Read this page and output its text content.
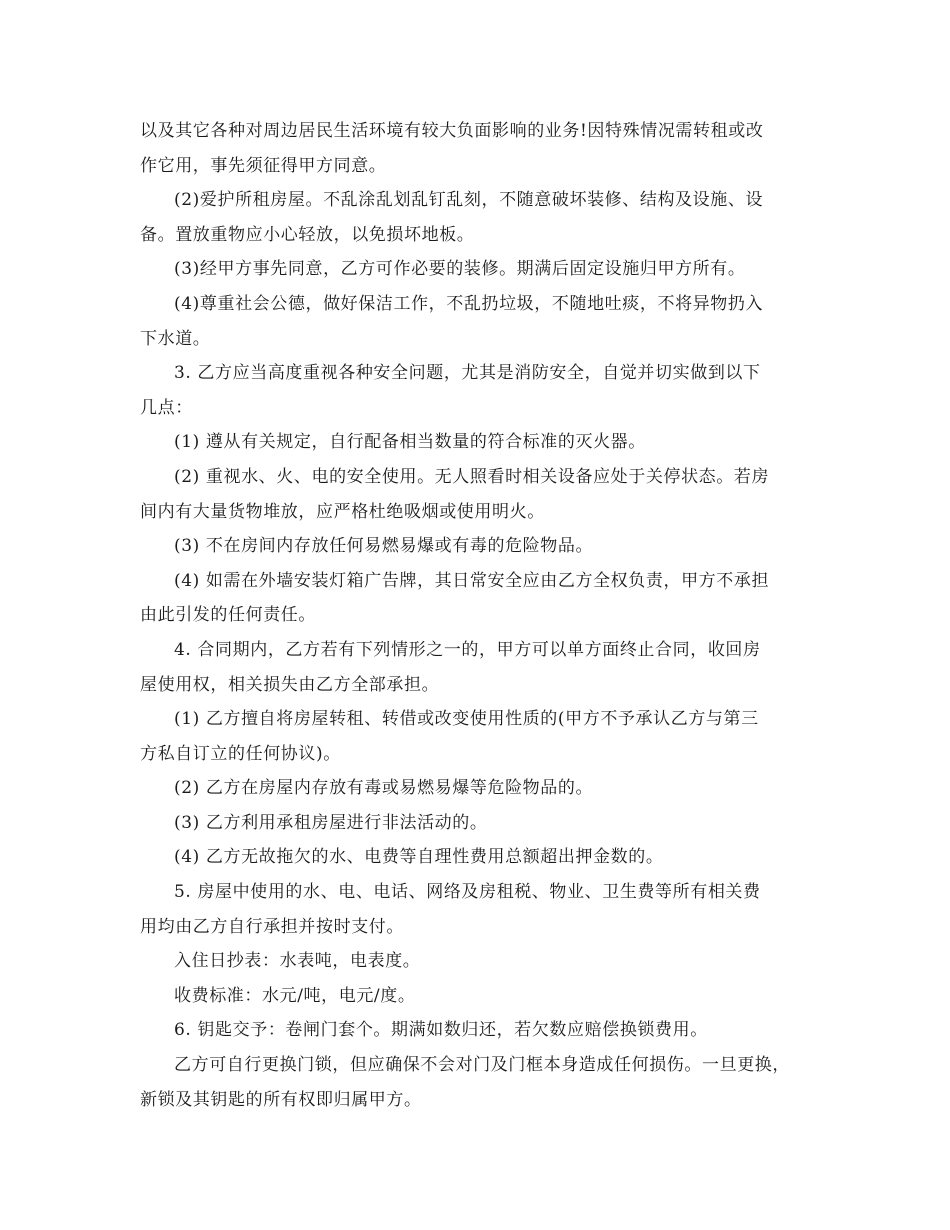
以及其它各种对周边居民生活环境有较大负面影响的业务!因特殊情况需转租或改
作它用，事先须征得甲方同意。
(2)爱护所租房屋。不乱涂乱划乱钉乱刻，不随意破坏装修、结构及设施、设
备。置放重物应小心轻放，以免损坏地板。
(3)经甲方事先同意，乙方可作必要的装修。期满后固定设施归甲方所有。
(4)尊重社会公德，做好保洁工作，不乱扔垃圾，不随地吐痰，不将异物扔入
下水道。
3. 乙方应当高度重视各种安全问题，尤其是消防安全，自觉并切实做到以下
几点：
(1) 遵从有关规定，自行配备相当数量的符合标准的灭火器。
(2) 重视水、火、电的安全使用。无人照看时相关设备应处于关停状态。若房
间内有大量货物堆放，应严格杜绝吸烟或使用明火。
(3) 不在房间内存放任何易燃易爆或有毒的危险物品。
(4) 如需在外墙安装灯箱广告牌，其日常安全应由乙方全权负责，甲方不承担
由此引发的任何责任。
4. 合同期内，乙方若有下列情形之一的，甲方可以单方面终止合同，收回房
屋使用权，相关损失由乙方全部承担。
(1) 乙方擅自将房屋转租、转借或改变使用性质的(甲方不予承认乙方与第三
方私自订立的任何协议)。
(2) 乙方在房屋内存放有毒或易燃易爆等危险物品的。
(3) 乙方利用承租房屋进行非法活动的。
(4) 乙方无故拖欠的水、电费等自理性费用总额超出押金数的。
5. 房屋中使用的水、电、电话、网络及房租税、物业、卫生费等所有相关费
用均由乙方自行承担并按时支付。
入住日抄表：水表吨，电表度。
收费标准：水元/吨，电元/度。
6. 钥匙交予：卷闸门套个。期满如数归还，若欠数应赔偿换锁费用。
乙方可自行更换门锁，但应确保不会对门及门框本身造成任何损伤。一旦更换，
新锁及其钥匙的所有权即归属甲方。
